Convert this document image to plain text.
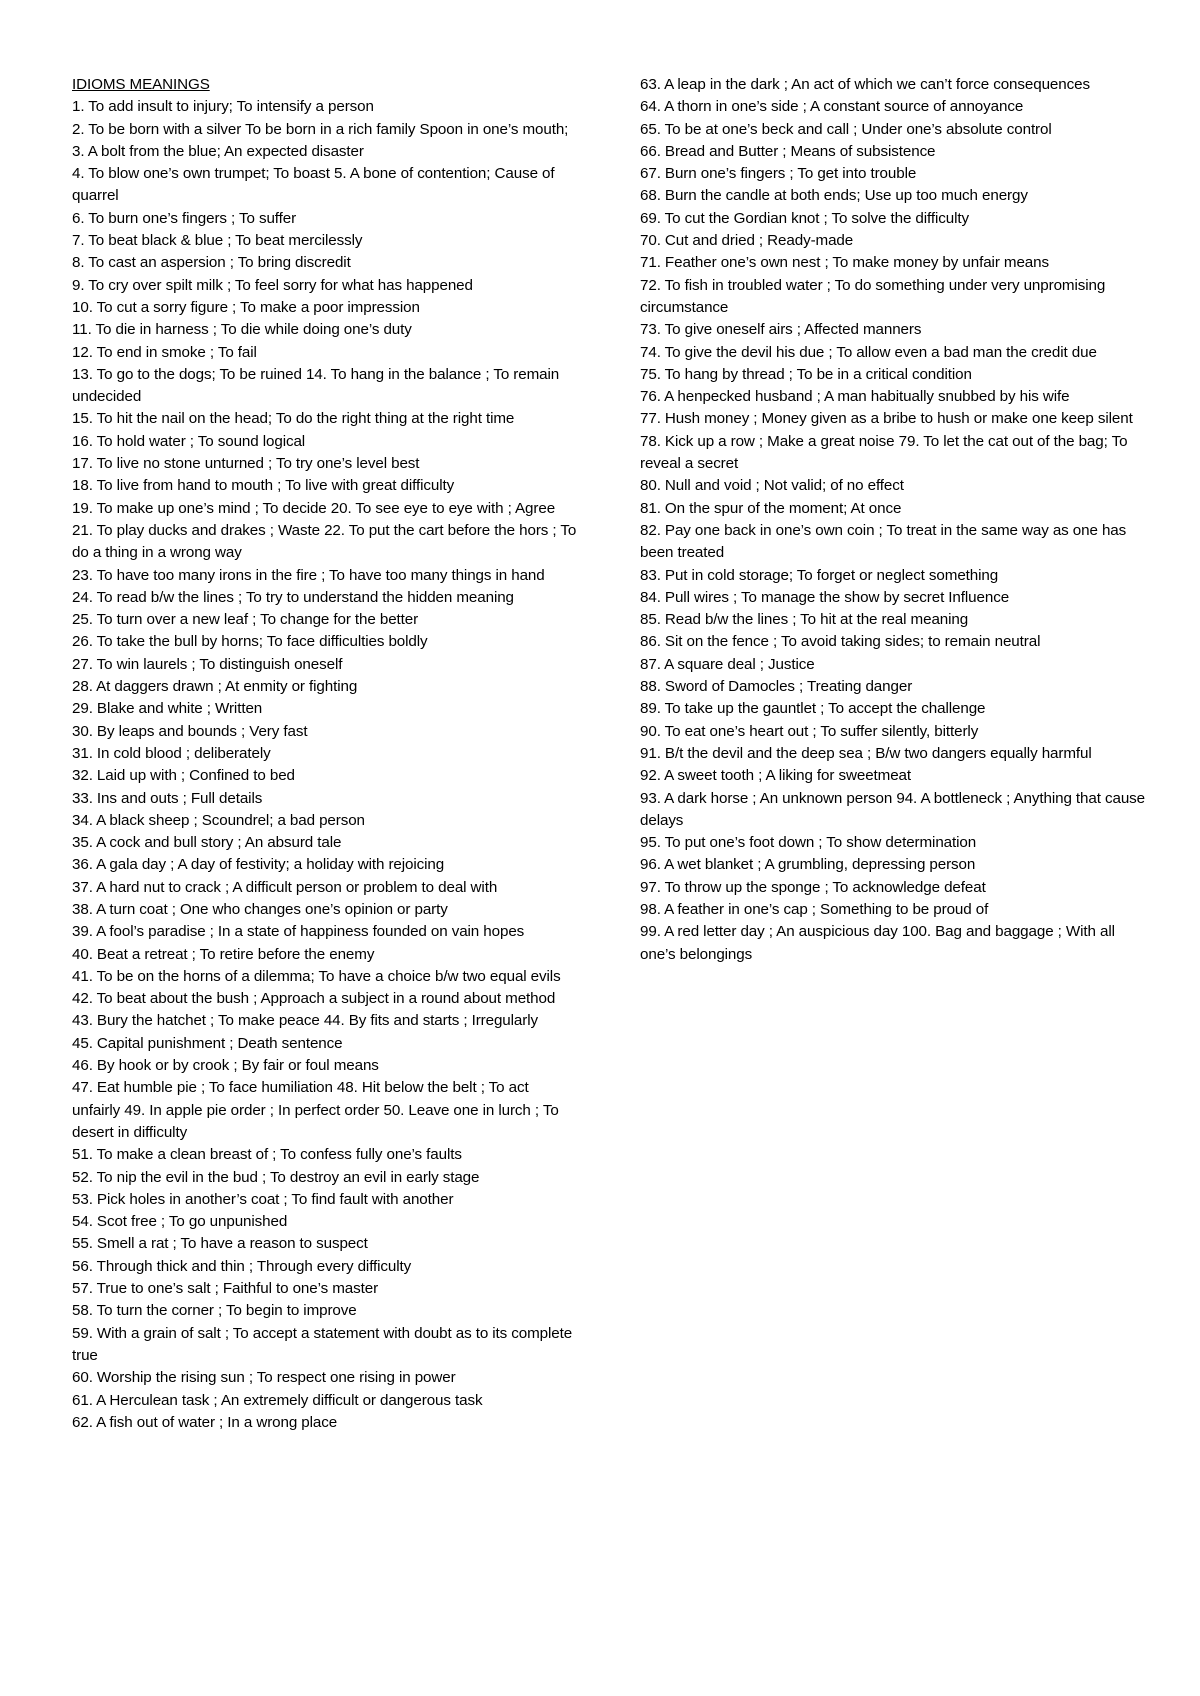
IDIOMS MEANINGS
1. To add insult to injury; To intensify a person
2. To be born with a silver To be born in a rich family Spoon in one’s mouth;
3. A bolt from the blue; An expected disaster
4. To blow one’s own trumpet; To boast 5. A bone of contention; Cause of quarrel
6. To burn one’s fingers ; To suffer
7. To beat black & blue ; To beat mercilessly
8. To cast an aspersion ; To bring discredit
9. To cry over spilt milk ; To feel sorry for what has happened
10. To cut a sorry figure ; To make a poor impression
11. To die in harness ; To die while doing one’s duty
12. To end in smoke ; To fail
13. To go to the dogs; To be ruined 14. To hang in the balance ; To remain undecided
15. To hit the nail on the head; To do the right thing at the right time
16. To hold water ; To sound logical
17. To live no stone unturned ; To try one’s level best
18. To live from hand to mouth ; To live with great difficulty
19. To make up one’s mind ; To decide 20. To see eye to eye with ; Agree
21. To play ducks and drakes ; Waste 22. To put the cart before the hors ; To do a thing in a wrong way
23. To have too many irons in the fire ; To have too many things in hand
24. To read b/w the lines ; To try to understand the hidden meaning
25. To turn over a new leaf ; To change for the better
26. To take the bull by horns; To face difficulties boldly
27. To win laurels ; To distinguish oneself
28. At daggers drawn ; At enmity or fighting
29. Blake and white ; Written
30. By leaps and bounds ; Very fast
31. In cold blood ; deliberately
32. Laid up with ; Confined to bed
33. Ins and outs ; Full details
34. A black sheep ; Scoundrel; a bad person
35. A cock and bull story ; An absurd tale
36. A gala day ; A day of festivity; a holiday with rejoicing
37. A hard nut to crack ; A difficult person or problem to deal with
38. A turn coat ; One who changes one’s opinion or party
39. A fool’s paradise ; In a state of happiness founded on vain hopes
40. Beat a retreat ; To retire before the enemy
41. To be on the horns of a dilemma; To have a choice b/w two equal evils 42. To beat about the bush ; Approach a subject in a round about method
43. Bury the hatchet ; To make peace 44. By fits and starts ; Irregularly
45. Capital punishment ; Death sentence
46. By hook or by crook ; By fair or foul means
47. Eat humble pie ; To face humiliation 48. Hit below the belt ; To act unfairly 49. In apple pie order ; In perfect order 50. Leave one in lurch ; To desert in difficulty
51. To make a clean breast of ; To confess fully one’s faults
52. To nip the evil in the bud ; To destroy an evil in early stage
53. Pick holes in another’s coat ; To find fault with another
54. Scot free ; To go unpunished
55. Smell a rat ; To have a reason to suspect
56. Through thick and thin ; Through every difficulty
57. True to one’s salt ; Faithful to one’s master
58. To turn the corner ; To begin to improve
59. With a grain of salt ; To accept a statement with doubt as to its complete true
60. Worship the rising sun ; To respect one rising in power
61. A Herculean task ; An extremely difficult or dangerous task
62. A fish out of water ; In a wrong place
63. A leap in the dark ; An act of which we can’t force consequences
64. A thorn in one’s side ; A constant source of annoyance
65. To be at one’s beck and call ; Under one’s absolute control
66. Bread and Butter ; Means of subsistence
67. Burn one’s fingers ; To get into trouble
68. Burn the candle at both ends; Use up too much energy
69. To cut the Gordian knot ; To solve the difficulty
70. Cut and dried ; Ready-made
71. Feather one’s own nest ; To make money by unfair means
72. To fish in troubled water ; To do something under very unpromising circumstance
73. To give oneself airs ; Affected manners
74. To give the devil his due ; To allow even a bad man the credit due
75. To hang by thread ; To be in a critical condition
76. A henpecked husband ; A man habitually snubbed by his wife
77. Hush money ; Money given as a bribe to hush or make one keep silent 78. Kick up a row ; Make a great noise 79. To let the cat out of the bag; To reveal a secret
80. Null and void ; Not valid; of no effect
81. On the spur of the moment; At once
82. Pay one back in one’s own coin ; To treat in the same way as one has been treated
83. Put in cold storage; To forget or neglect something
84. Pull wires ; To manage the show by secret Influence
85. Read b/w the lines ; To hit at the real meaning
86. Sit on the fence ; To avoid taking sides; to remain neutral
87. A square deal ; Justice
88. Sword of Damocles ; Treating danger
89. To take up the gauntlet ; To accept the challenge
90. To eat one’s heart out ; To suffer silently, bitterly
91. B/t the devil and the deep sea ; B/w two dangers equally harmful
92. A sweet tooth ; A liking for sweetmeat
93. A dark horse ; An unknown person 94. A bottleneck ; Anything that cause delays
95. To put one’s foot down ; To show determination
96. A wet blanket ; A grumbling, depressing person
97. To throw up the sponge ; To acknowledge defeat
98. A feather in one’s cap ; Something to be proud of
99. A red letter day ; An auspicious day 100. Bag and baggage ; With all one’s belongings
